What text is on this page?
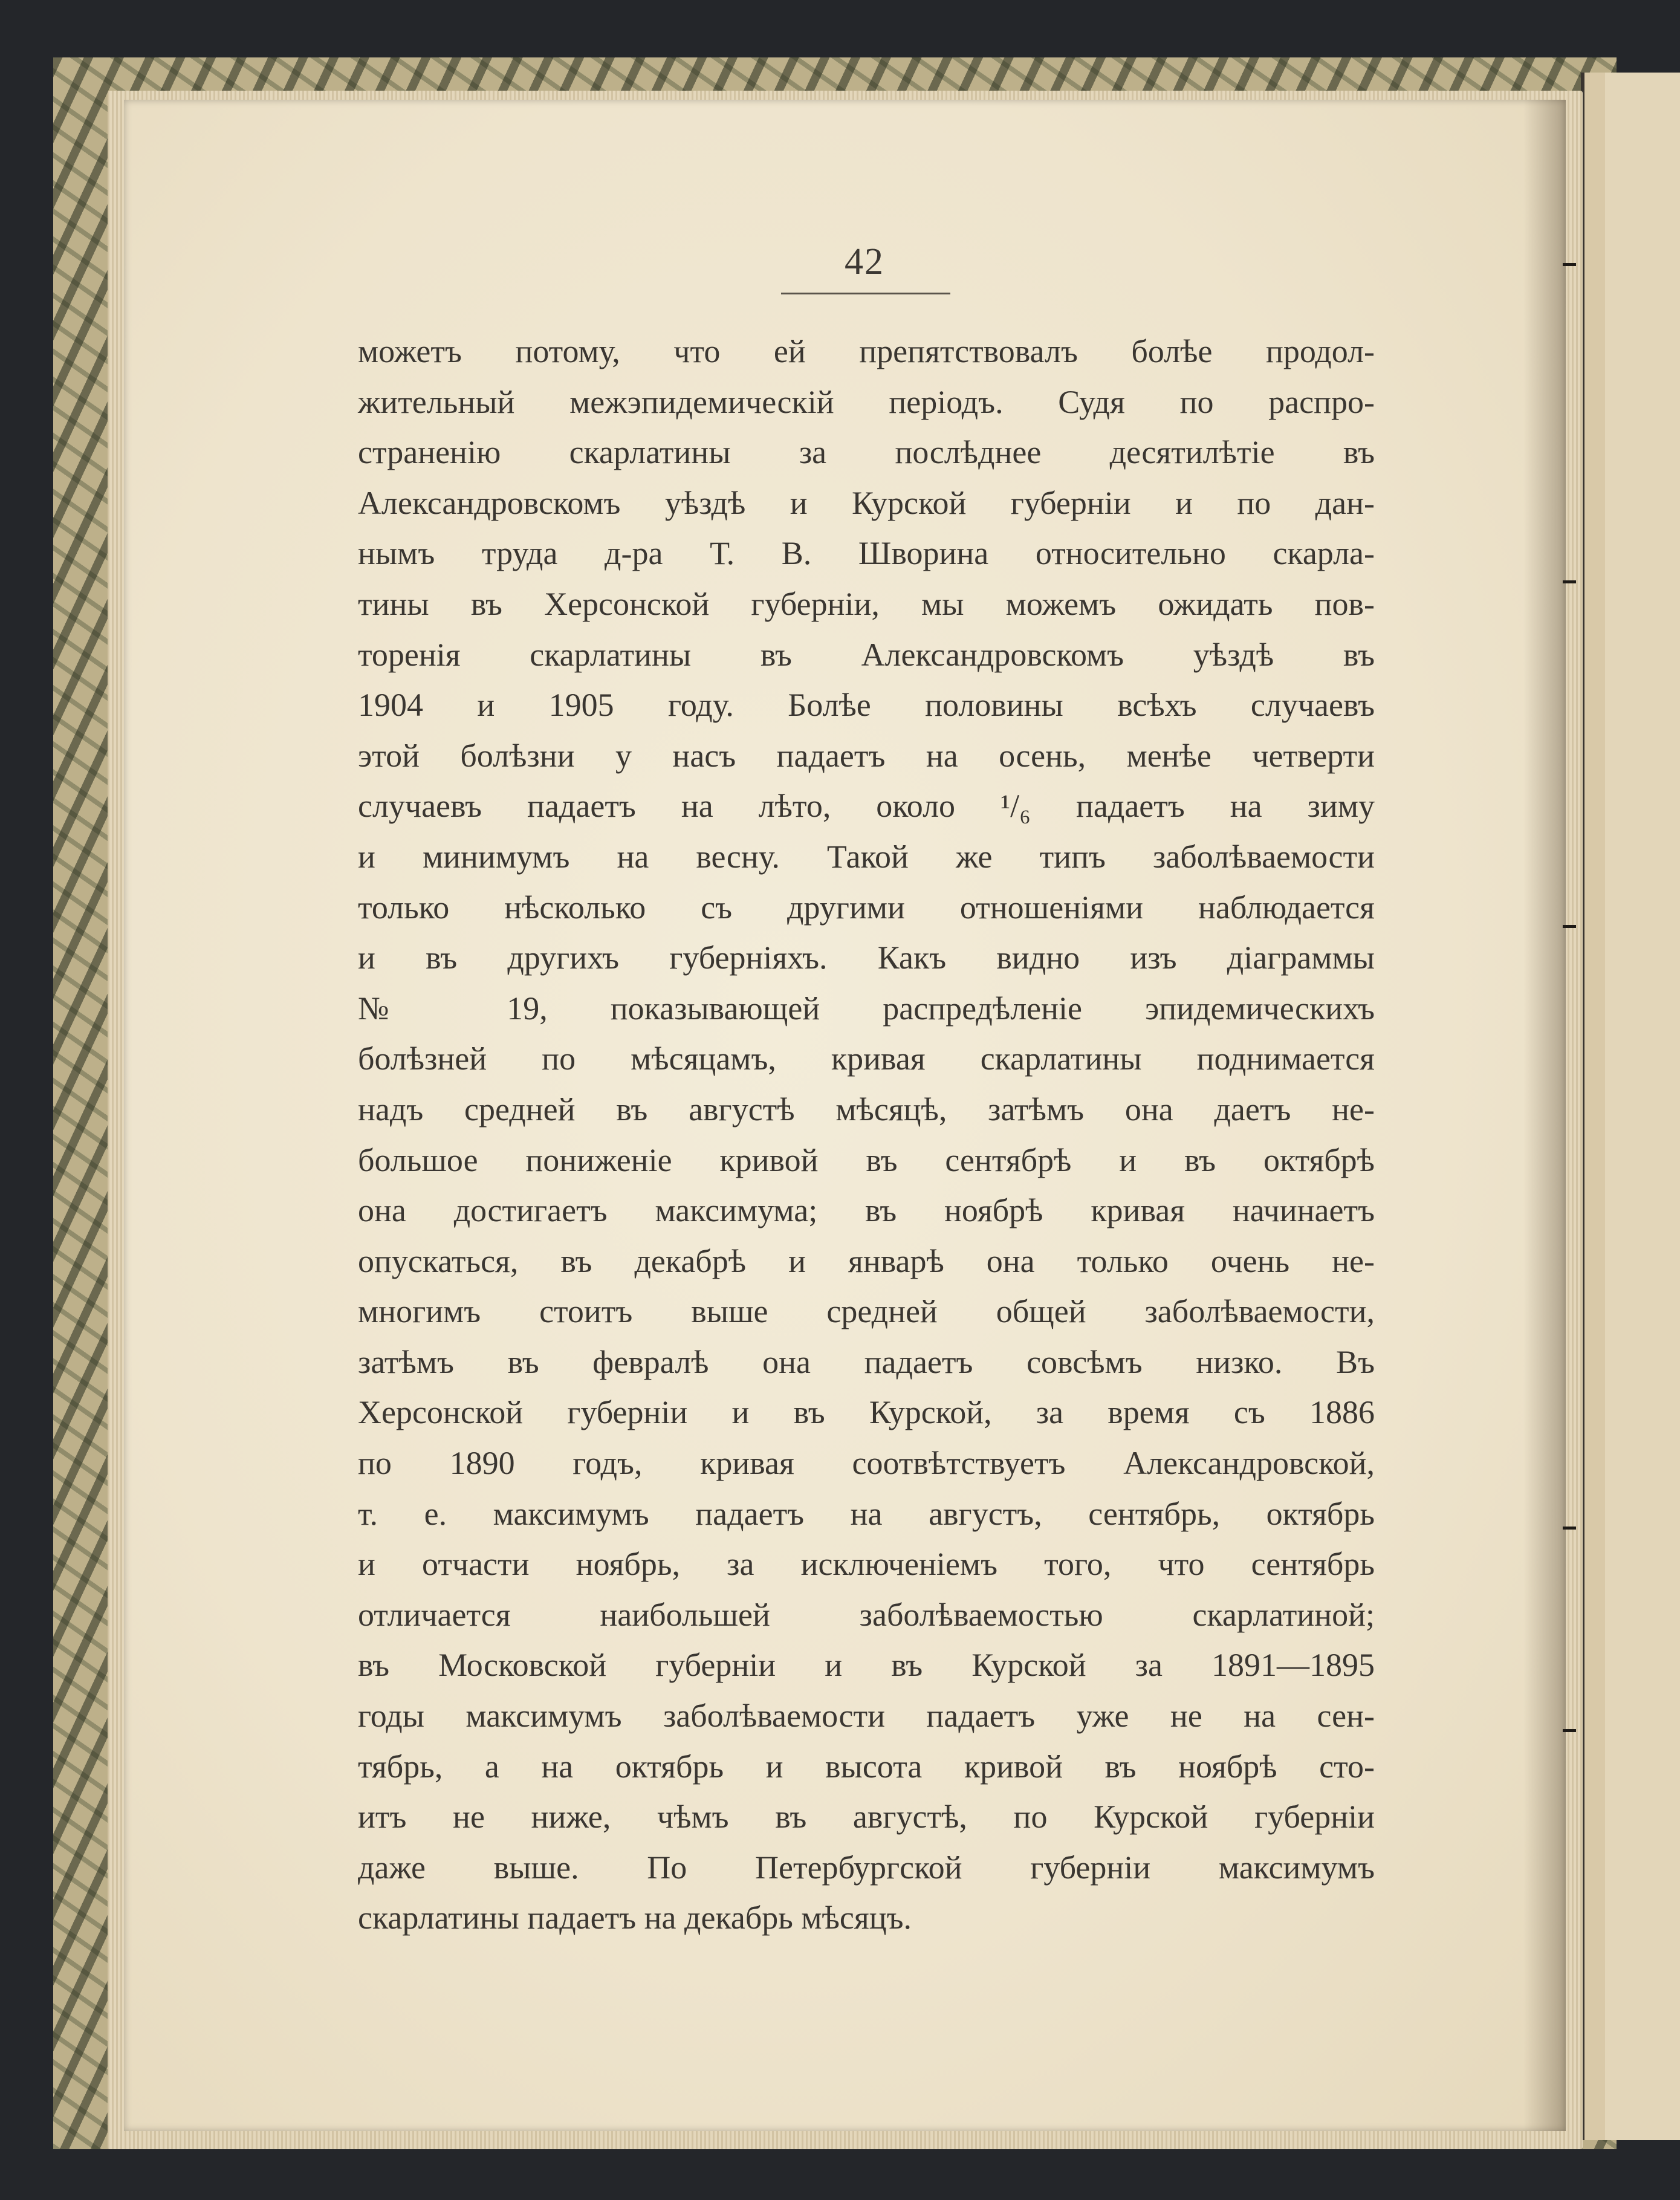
42
можетъ потому, что ей препятствовалъ болѣе продол-
жительный межэпидемическій періодъ. Судя по распро-
страненію скарлатины за послѣднее десятилѣтіе въ
Александровскомъ уѣздѣ и Курской губерніи и по дан-
нымъ труда д-ра Т. В. Шворина относительно скарла-
тины въ Херсонской губерніи, мы можемъ ожидать пов-
торенія скарлатины въ Александровскомъ уѣздѣ въ
1904 и 1905 году. Болѣе половины всѣхъ случаевъ
этой болѣзни у насъ падаетъ на осень, менѣе четверти
случаевъ падаетъ на лѣто, около ¹/₆ падаетъ на зиму
и минимумъ на весну. Такой же типъ заболѣваемости
только нѣсколько съ другими отношеніями наблюдается
и въ другихъ губерніяхъ. Какъ видно изъ діаграммы
№ 19, показывающей распредѣленіе эпидемическихъ
болѣзней по мѣсяцамъ, кривая скарлатины поднимается
надъ средней въ августѣ мѣсяцѣ, затѣмъ она даетъ не-
большое пониженіе кривой въ сентябрѣ и въ октябрѣ
она достигаетъ максимума; въ ноябрѣ кривая начинаетъ
опускаться, въ декабрѣ и январѣ она только очень не-
многимъ стоитъ выше средней общей заболѣваемости,
затѣмъ въ февралѣ она падаетъ совсѣмъ низко. Въ
Херсонской губерніи и въ Курской, за время съ 1886
по 1890 годъ, кривая соотвѣтствуетъ Александровской,
т. е. максимумъ падаетъ на августъ, сентябрь, октябрь
и отчасти ноябрь, за исключеніемъ того, что сентябрь
отличается наибольшей заболѣваемостью скарлатиной;
въ Московской губерніи и въ Курской за 1891—1895
годы максимумъ заболѣваемости падаетъ уже не на сен-
тябрь, а на октябрь и высота кривой въ ноябрѣ сто-
итъ не ниже, чѣмъ въ августѣ, по Курской губерніи
даже выше. По Петербургской губерніи максимумъ
скарлатины падаетъ на декабрь мѣсяцъ.
